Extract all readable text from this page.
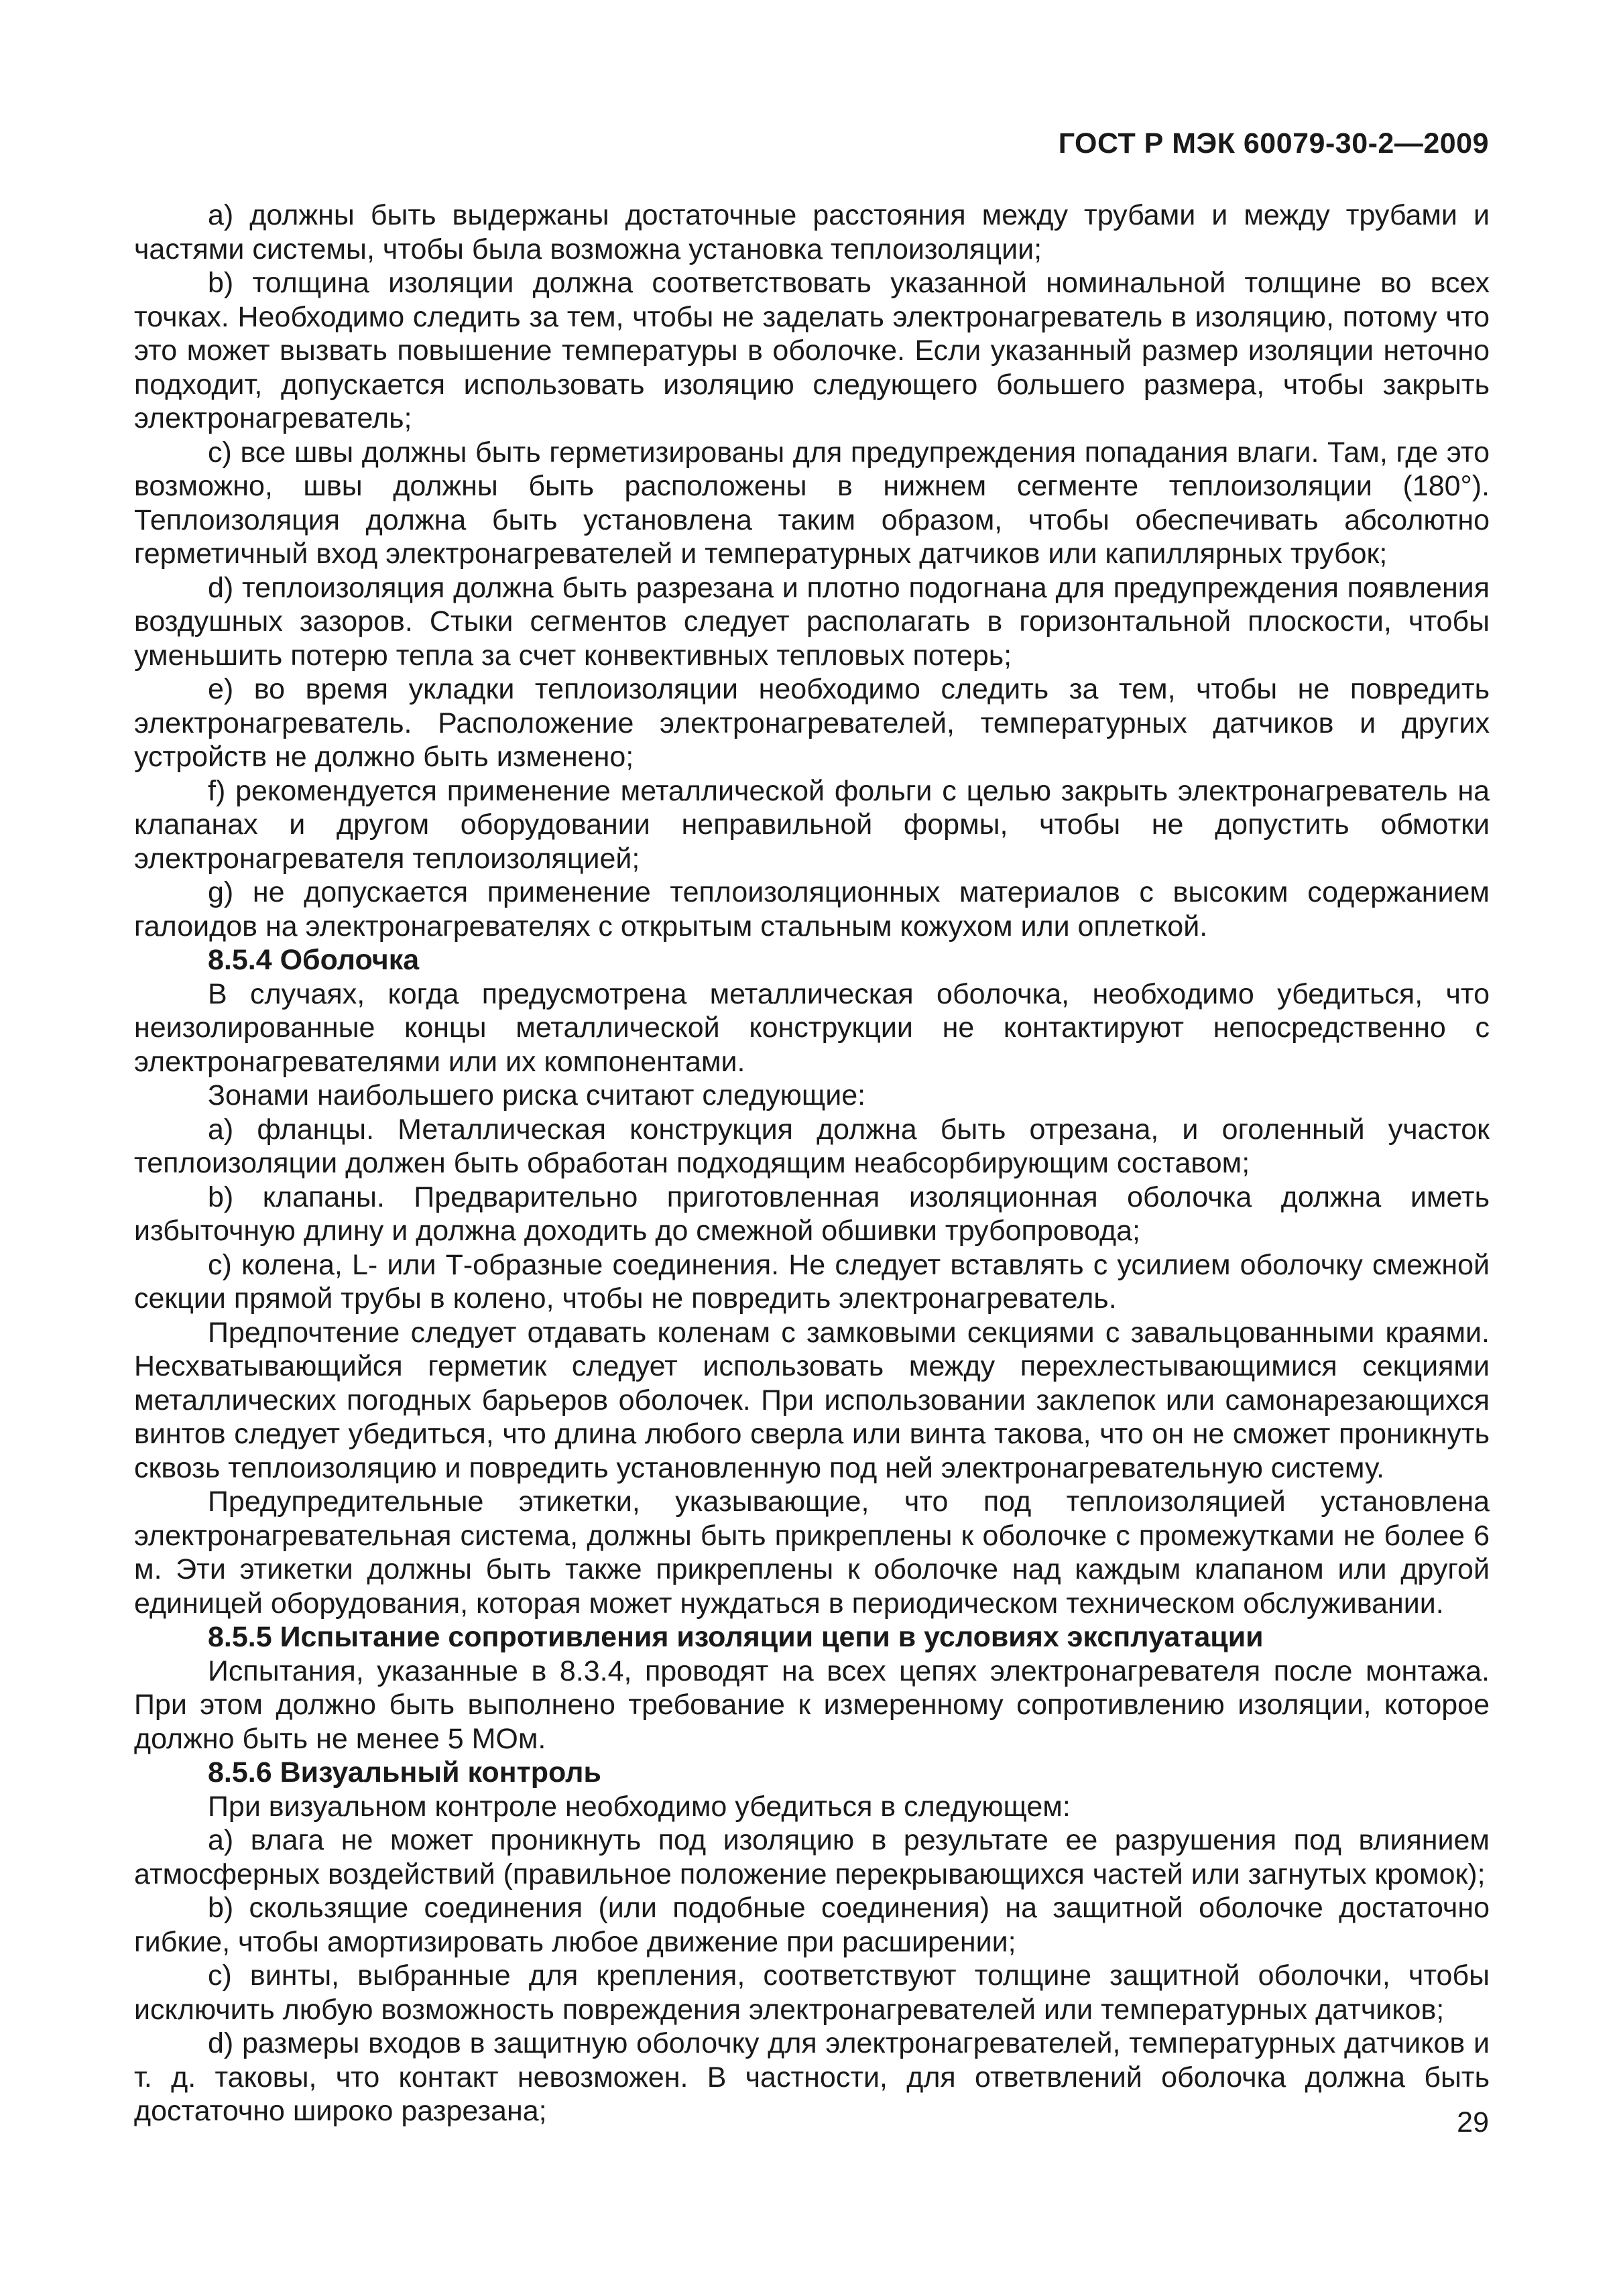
ГОСТ Р МЭК 60079-30-2—2009

а) должны быть выдержаны достаточные расстояния между трубами и между трубами и частями системы, чтобы была возможна установка теплоизоляции;

b) толщина изоляции должна соответствовать указанной номинальной толщине во всех точках. Необходимо следить за тем, чтобы не заделать электронагреватель в изоляцию, потому что это может вызвать повышение температуры в оболочке. Если указанный размер изоляции неточно подходит, допускается использовать изоляцию следующего большего размера, чтобы закрыть электронагреватель;

с) все швы должны быть герметизированы для предупреждения попадания влаги. Там, где это возможно, швы должны быть расположены в нижнем сегменте теплоизоляции (180°). Теплоизоляция должна быть установлена таким образом, чтобы обеспечивать абсолютно герметичный вход электронагревателей и температурных датчиков или капиллярных трубок;

d) теплоизоляция должна быть разрезана и плотно подогнана для предупреждения появления воздушных зазоров. Стыки сегментов следует располагать в горизонтальной плоскости, чтобы уменьшить потерю тепла за счет конвективных тепловых потерь;

е) во время укладки теплоизоляции необходимо следить за тем, чтобы не повредить электронагреватель. Расположение электронагревателей, температурных датчиков и других устройств не должно быть изменено;

f) рекомендуется применение металлической фольги с целью закрыть электронагреватель на клапанах и другом оборудовании неправильной формы, чтобы не допустить обмотки электронагревателя теплоизоляцией;

g) не допускается применение теплоизоляционных материалов с высоким содержанием галоидов на электронагревателях с открытым стальным кожухом или оплеткой.

8.5.4 Оболочка

В случаях, когда предусмотрена металлическая оболочка, необходимо убедиться, что неизолированные концы металлической конструкции не контактируют непосредственно с электронагревателями или их компонентами.

Зонами наибольшего риска считают следующие:

а) фланцы. Металлическая конструкция должна быть отрезана, и оголенный участок теплоизоляции должен быть обработан подходящим неабсорбирующим составом;

b) клапаны. Предварительно приготовленная изоляционная оболочка должна иметь избыточную длину и должна доходить до смежной обшивки трубопровода;

с) колена, L- или Т-образные соединения. Не следует вставлять с усилием оболочку смежной секции прямой трубы в колено, чтобы не повредить электронагреватель.

Предпочтение следует отдавать коленам с замковыми секциями с завальцованными краями. Несхватывающийся герметик следует использовать между перехлестывающимися секциями металлических погодных барьеров оболочек. При использовании заклепок или самонарезающихся винтов следует убедиться, что длина любого сверла или винта такова, что он не сможет проникнуть сквозь теплоизоляцию и повредить установленную под ней электронагревательную систему.

Предупредительные этикетки, указывающие, что под теплоизоляцией установлена электронагревательная система, должны быть прикреплены к оболочке с промежутками не более 6 м. Эти этикетки должны быть также прикреплены к оболочке над каждым клапаном или другой единицей оборудования, которая может нуждаться в периодическом техническом обслуживании.

8.5.5 Испытание сопротивления изоляции цепи в условиях эксплуатации

Испытания, указанные в 8.3.4, проводят на всех цепях электронагревателя после монтажа. При этом должно быть выполнено требование к измеренному сопротивлению изоляции, которое должно быть не менее 5 МОм.

8.5.6 Визуальный контроль

При визуальном контроле необходимо убедиться в следующем:

а) влага не может проникнуть под изоляцию в результате ее разрушения под влиянием атмосферных воздействий (правильное положение перекрывающихся частей или загнутых кромок);

b) скользящие соединения (или подобные соединения) на защитной оболочке достаточно гибкие, чтобы амортизировать любое движение при расширении;

с) винты, выбранные для крепления, соответствуют толщине защитной оболочки, чтобы исключить любую возможность повреждения электронагревателей или температурных датчиков;

d) размеры входов в защитную оболочку для электронагревателей, температурных датчиков и т. д. таковы, что контакт невозможен. В частности, для ответвлений оболочка должна быть достаточно широко разрезана;	29
